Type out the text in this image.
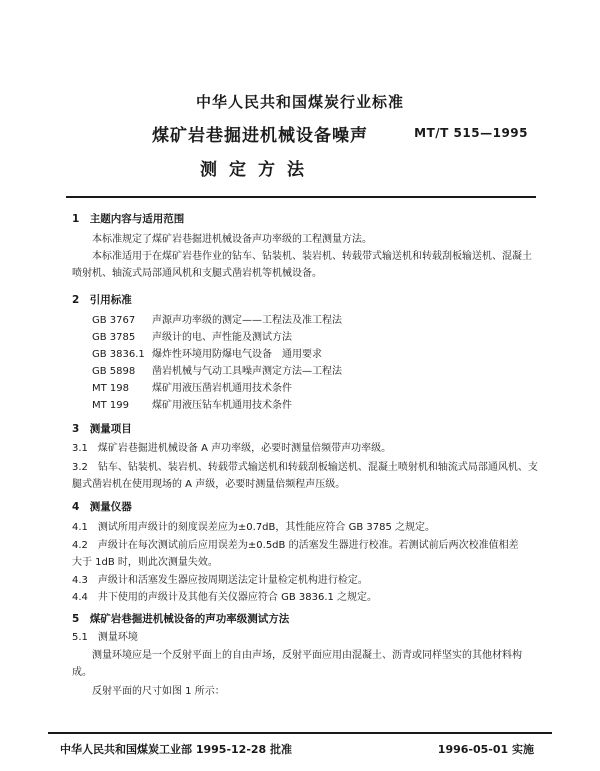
中华人民共和国煤炭行业标准
煤矿岩巷掘进机械设备噪声
测定方法
MT/T 515—1995
1　主题内容与适用范围
本标准规定了煤矿岩巷掘进机械设备声功率级的工程测量方法。
本标准适用于在煤矿岩巷作业的钻车、钻装机、装岩机、转载带式输送机和转载刮板输送机、混凝土
喷射机、轴流式局部通风机和支腿式凿岩机等机械设备。
2　引用标准
GB 3767 声源声功率级的测定——工程法及准工程法
GB 3785 声级计的电、声性能及测试方法
GB 3836.1 爆炸性环境用防爆电气设备　通用要求
GB 5898 凿岩机械与气动工具噪声测定方法—工程法
MT 198 煤矿用液压凿岩机通用技术条件
MT 199 煤矿用液压钻车机通用技术条件
3　测量项目
3.1　煤矿岩巷掘进机械设备 A 声功率级，必要时测量倍频带声功率级。
3.2　钻车、钻装机、装岩机、转载带式输送机和转载刮板输送机、混凝土喷射机和轴流式局部通风机、支
腿式凿岩机在使用现场的 A 声级，必要时测量倍频程声压级。
4　测量仪器
4.1　测试所用声级计的刻度误差应为±0.7dB，其性能应符合 GB 3785 之规定。
4.2　声级计在每次测试前后应用误差为±0.5dB 的活塞发生器进行校准。若测试前后两次校准值相差
大于 1dB 时，则此次测量失效。
4.3　声级计和活塞发生器应按周期送法定计量检定机构进行检定。
4.4　井下使用的声级计及其他有关仪器应符合 GB 3836.1 之规定。
5　煤矿岩巷掘进机械设备的声功率级测试方法
5.1　测量环境
测量环境应是一个反射平面上的自由声场，反射平面应用由混凝土、沥青或同样坚实的其他材料构
成。
反射平面的尺寸如图 1 所示：
中华人民共和国煤炭工业部 1995-12-28 批准	1996-05-01 实施
